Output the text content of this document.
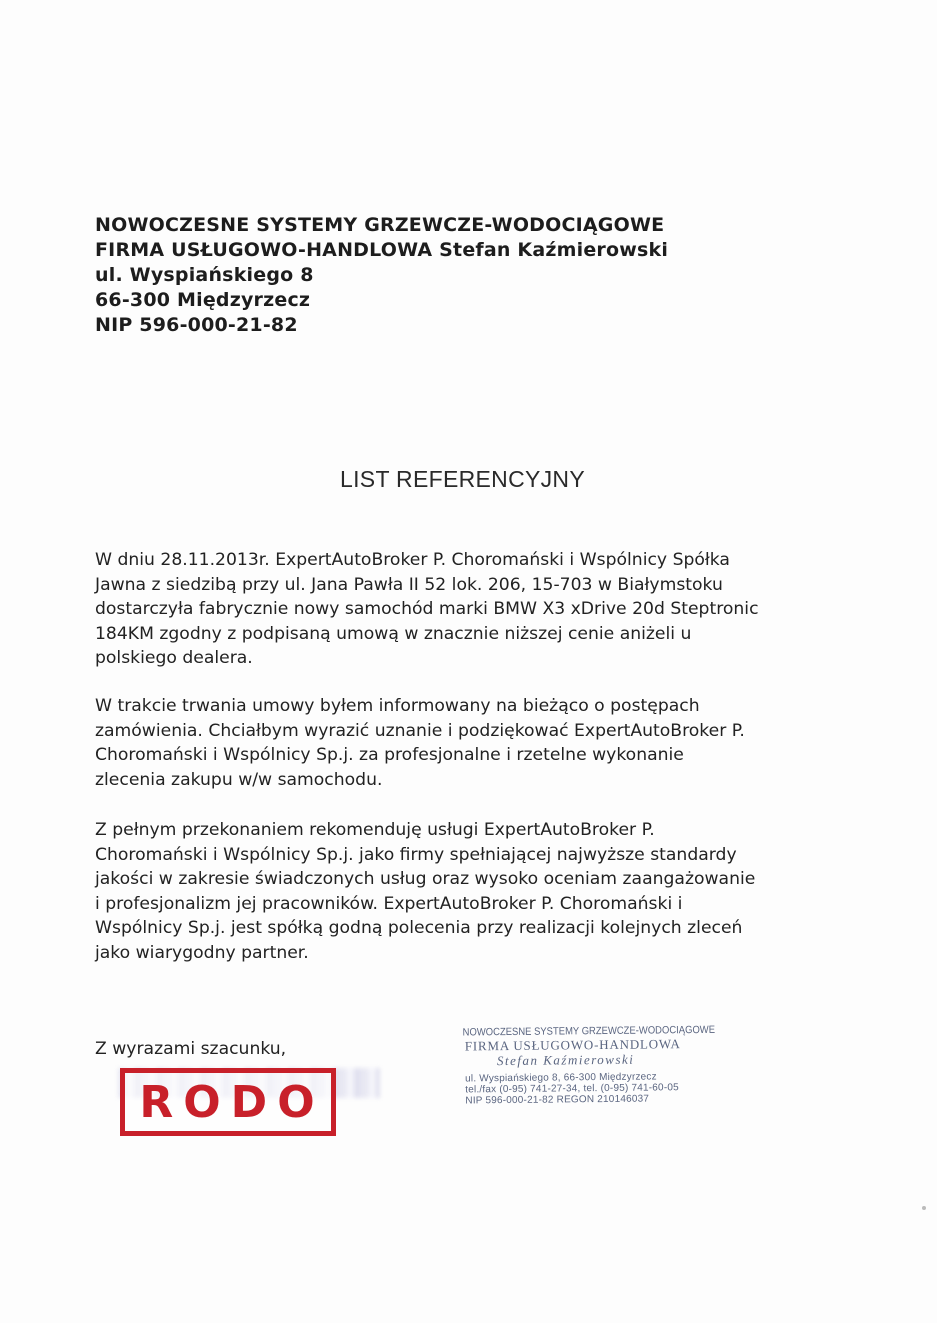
NOWOCZESNE SYSTEMY GRZEWCZE-WODOCIĄGOWE
FIRMA USŁUGOWO-HANDLOWA Stefan Kaźmierowski
ul. Wyspiańskiego 8
66-300 Międzyrzecz
NIP 596-000-21-82
LIST REFERENCYJNY
W dniu 28.11.2013r. ExpertAutoBroker P. Choromański i Wspólnicy Spółka
Jawna z siedzibą przy ul. Jana Pawła II 52 lok. 206, 15-703 w Białymstoku
dostarczyła fabrycznie nowy samochód marki BMW X3 xDrive 20d Steptronic
184KM zgodny z podpisaną umową w znacznie niższej cenie aniżeli u
polskiego dealera.
W trakcie trwania umowy byłem informowany na bieżąco o postępach
zamówienia. Chciałbym wyrazić uznanie i podziękować ExpertAutoBroker P.
Choromański i Wspólnicy Sp.j. za profesjonalne i rzetelne wykonanie
zlecenia zakupu w/w samochodu.
Z pełnym przekonaniem rekomenduję usługi ExpertAutoBroker P.
Choromański i Wspólnicy Sp.j. jako firmy spełniającej najwyższe standardy
jakości w zakresie świadczonych usług oraz wysoko oceniam zaangażowanie
i profesjonalizm jej pracowników. ExpertAutoBroker P. Choromański i
Wspólnicy Sp.j. jest spółką godną polecenia przy realizacji kolejnych zleceń
jako wiarygodny partner.
Z wyrazami szacunku,
RODO
NOWOCZESNE SYSTEMY GRZEWCZE-WODOCIĄGOWE
FIRMA USŁUGOWO-HANDLOWA
Stefan Kaźmierowski
ul. Wyspiańskiego 8, 66-300 Międzyrzecz
tel./fax (0-95) 741-27-34, tel. (0-95) 741-60-05
NIP 596-000-21-82 REGON 210146037
